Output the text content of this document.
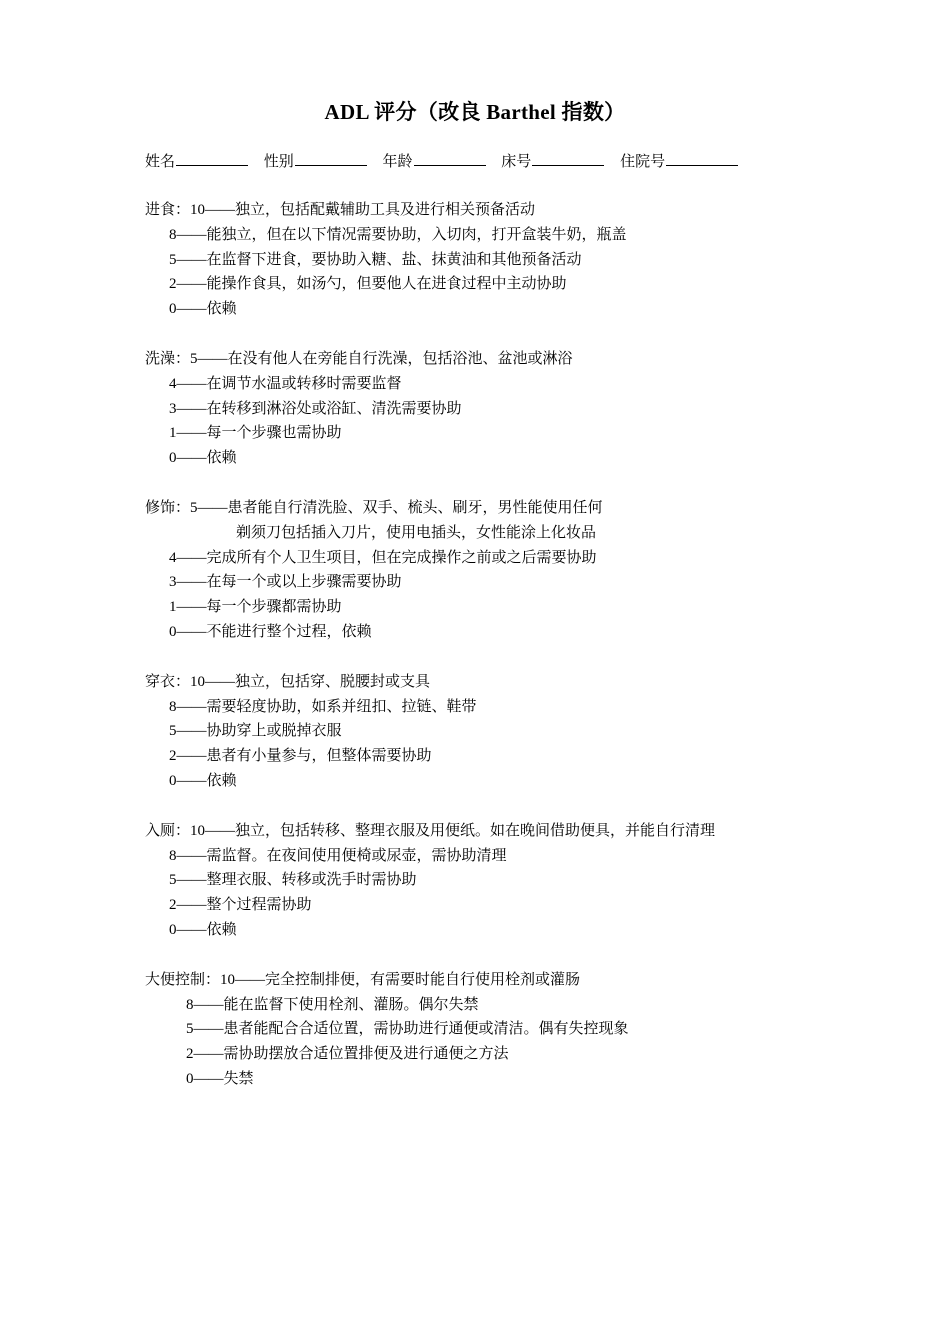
ADL 评分（改良 Barthel 指数）
姓名	性别	年龄	床号	住院号
进食：10——独立，包括配戴辅助工具及进行相关预备活动
8——能独立，但在以下情况需要协助，入切肉，打开盒装牛奶，瓶盖
5——在监督下进食，要协助入糖、盐、抹黄油和其他预备活动
2——能操作食具，如汤勺，但要他人在进食过程中主动协助
0——依赖
洗澡：5——在没有他人在旁能自行洗澡，包括浴池、盆池或淋浴
4——在调节水温或转移时需要监督
3——在转移到淋浴处或浴缸、清洗需要协助
1——每一个步骤也需协助
0——依赖
修饰：5——患者能自行清洗脸、双手、梳头、刷牙，男性能使用任何
剃须刀包括插入刀片，使用电插头，女性能涂上化妆品
4——完成所有个人卫生项目，但在完成操作之前或之后需要协助
3——在每一个或以上步骤需要协助
1——每一个步骤都需协助
0——不能进行整个过程，依赖
穿衣：10——独立，包括穿、脱腰封或支具
8——需要轻度协助，如系并纽扣、拉链、鞋带
5——协助穿上或脱掉衣服
2——患者有小量参与，但整体需要协助
0——依赖
入厕：10——独立，包括转移、整理衣服及用便纸。如在晚间借助便具，并能自行清理
8——需监督。在夜间使用便椅或尿壶，需协助清理
5——整理衣服、转移或洗手时需协助
2——整个过程需协助
0——依赖
大便控制：10——完全控制排便，有需要时能自行使用栓剂或灌肠
8——能在监督下使用栓剂、灌肠。偶尔失禁
5——患者能配合合适位置，需协助进行通便或清洁。偶有失控现象
2——需协助摆放合适位置排便及进行通便之方法
0——失禁
